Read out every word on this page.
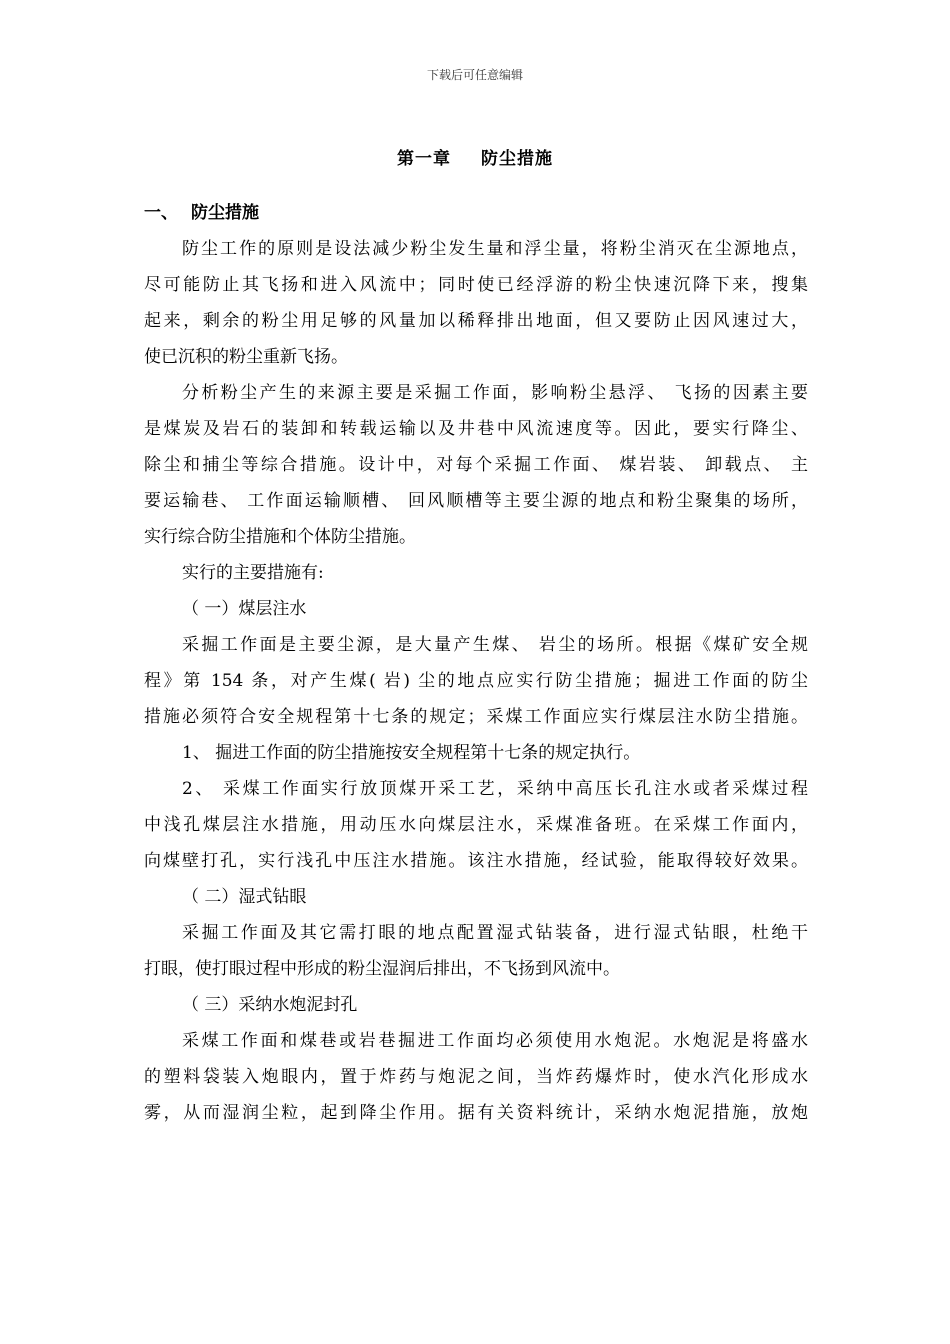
下载后可任意编辑
第一章 防尘措施
一、 防尘措施
防尘工作的原则是设法减少粉尘发生量和浮尘量，将粉尘消灭在尘源地点，
尽可能防止其飞扬和进入风流中；同时使已经浮游的粉尘快速沉降下来，搜集
起来，剩余的粉尘用足够的风量加以稀释排出地面，但又要防止因风速过大，
使已沉积的粉尘重新飞扬。
分析粉尘产生的来源主要是采掘工作面，影响粉尘悬浮、 飞扬的因素主要
是煤炭及岩石的装卸和转载运输以及井巷中风流速度等。因此，要实行降尘、
除尘和捕尘等综合措施。设计中，对每个采掘工作面、 煤岩装、 卸载点、 主
要运输巷、 工作面运输顺槽、 回风顺槽等主要尘源的地点和粉尘聚集的场所，
实行综合防尘措施和个体防尘措施。
实行的主要措施有:
（ 一）煤层注水
采掘工作面是主要尘源，是大量产生煤、 岩尘的场所。根据《煤矿安全规
程》第 154 条，对产生煤( 岩) 尘的地点应实行防尘措施；掘进工作面的防尘
措施必须符合安全规程第十七条的规定；采煤工作面应实行煤层注水防尘措施。
1、 掘进工作面的防尘措施按安全规程第十七条的规定执行。
2、 采煤工作面实行放顶煤开采工艺，采纳中高压长孔注水或者采煤过程
中浅孔煤层注水措施，用动压水向煤层注水，采煤准备班。在采煤工作面内，
向煤壁打孔，实行浅孔中压注水措施。该注水措施，经试验，能取得较好效果。
（ 二）湿式钻眼
采掘工作面及其它需打眼的地点配置湿式钻装备，进行湿式钻眼，杜绝干
打眼，使打眼过程中形成的粉尘湿润后排出，不飞扬到风流中。
（ 三）采纳水炮泥封孔
采煤工作面和煤巷或岩巷掘进工作面均必须使用水炮泥。水炮泥是将盛水
的塑料袋装入炮眼内，置于炸药与炮泥之间，当炸药爆炸时，使水汽化形成水
雾，从而湿润尘粒，起到降尘作用。据有关资料统计，采纳水炮泥措施，放炮
